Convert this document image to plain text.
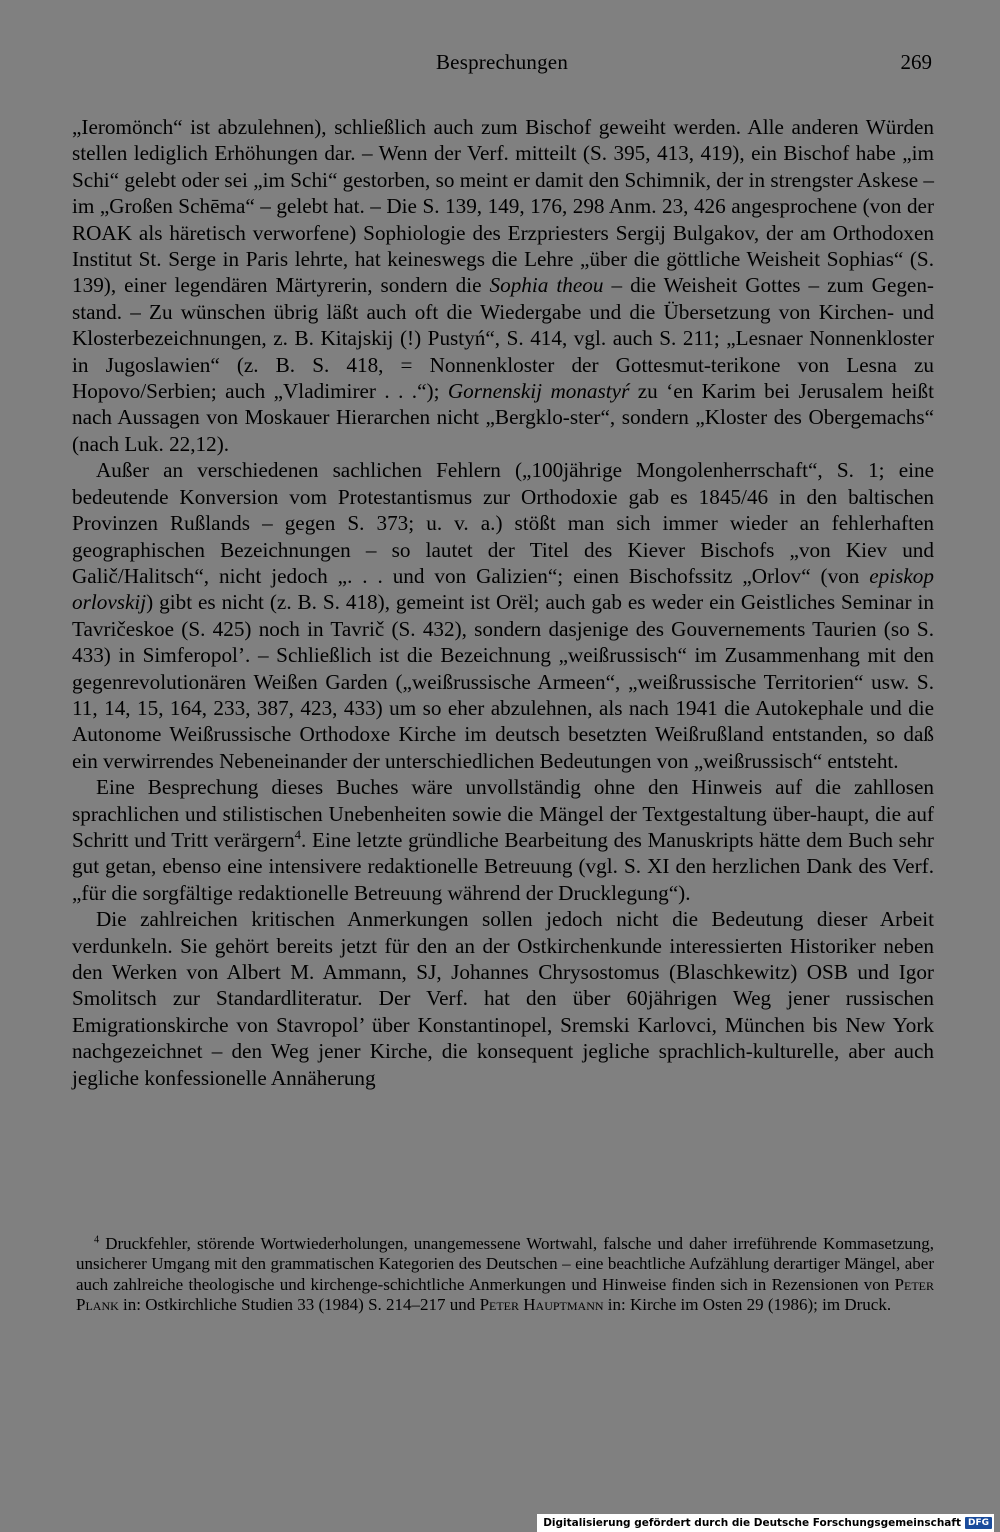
Besprechungen	269

„Ieromönch“ ist abzulehnen), schließlich auch zum Bischof geweiht werden. Alle anderen Würden stellen lediglich Erhöhungen dar. – Wenn der Verf. mitteilt (S. 395, 413, 419), ein Bischof habe „im Schi“ gelebt oder sei „im Schi“ gestorben, so meint er damit den Schimnik, der in strengster Askese – im „Großen Schēma“ – gelebt hat. – Die S. 139, 149, 176, 298 Anm. 23, 426 angesprochene (von der ROAK als häretisch verworfene) Sophiologie des Erzpriesters Sergij Bulgakov, der am Orthodoxen Institut St. Serge in Paris lehrte, hat keineswegs die Lehre „über die göttliche Weisheit Sophias“ (S. 139), einer legendären Märtyrerin, sondern die Sophia theou – die Weisheit Gottes – zum Gegen-stand. – Zu wünschen übrig läßt auch oft die Wiedergabe und die Übersetzung von Kirchen- und Klosterbezeichnungen, z. B. Kitajskij (!) Pustyń“, S. 414, vgl. auch S. 211; „Lesnaer Nonnenkloster in Jugoslawien“ (z. B. S. 418, = Nonnenkloster der Gottesmut-terikone von Lesna zu Hopovo/Serbien; auch „Vladimirer . . .“); Gornenskij monastyŕ zu ‘en Karim bei Jerusalem heißt nach Aussagen von Moskauer Hierarchen nicht „Bergklo-ster“, sondern „Kloster des Obergemachs“ (nach Luk. 22,12).

Außer an verschiedenen sachlichen Fehlern („100jährige Mongolenherrschaft“, S. 1; eine bedeutende Konversion vom Protestantismus zur Orthodoxie gab es 1845/46 in den baltischen Provinzen Rußlands – gegen S. 373; u. v. a.) stößt man sich immer wieder an fehlerhaften geographischen Bezeichnungen – so lautet der Titel des Kiever Bischofs „von Kiev und Galič/Halitsch“, nicht jedoch „. . . und von Galizien“; einen Bischofssitz „Orlov“ (von episkop orlovskij) gibt es nicht (z. B. S. 418), gemeint ist Orël; auch gab es weder ein Geistliches Seminar in Tavričeskoe (S. 425) noch in Tavrič (S. 432), sondern dasjenige des Gouvernements Taurien (so S. 433) in Simferopol’. – Schließlich ist die Bezeichnung „weißrussisch“ im Zusammenhang mit den gegenrevolutionären Weißen Garden („weißrussische Armeen“, „weißrussische Territorien“ usw. S. 11, 14, 15, 164, 233, 387, 423, 433) um so eher abzulehnen, als nach 1941 die Autokephale und die Autonome Weißrussische Orthodoxe Kirche im deutsch besetzten Weißrußland entstanden, so daß ein verwirrendes Nebeneinander der unterschiedlichen Bedeutungen von „weißrussisch“ entsteht.

Eine Besprechung dieses Buches wäre unvollständig ohne den Hinweis auf die zahllosen sprachlichen und stilistischen Unebenheiten sowie die Mängel der Textgestaltung über-haupt, die auf Schritt und Tritt verärgern$^4$. Eine letzte gründliche Bearbeitung des Manuskripts hätte dem Buch sehr gut getan, ebenso eine intensivere redaktionelle Betreuung (vgl. S. XI den herzlichen Dank des Verf. „für die sorgfältige redaktionelle Betreuung während der Drucklegung“).

Die zahlreichen kritischen Anmerkungen sollen jedoch nicht die Bedeutung dieser Arbeit verdunkeln. Sie gehört bereits jetzt für den an der Ostkirchenkunde interessierten Historiker neben den Werken von Albert M. Ammann, SJ, Johannes Chrysostomus (Blaschkewitz) OSB und Igor Smolitsch zur Standardliteratur. Der Verf. hat den über 60jährigen Weg jener russischen Emigrationskirche von Stavropol’ über Konstantinopel, Sremski Karlovci, München bis New York nachgezeichnet – den Weg jener Kirche, die konsequent jegliche sprachlich-kulturelle, aber auch jegliche konfessionelle Annäherung

$^4$ Druckfehler, störende Wortwiederholungen, unangemessene Wortwahl, falsche und daher irreführende Kommasetzung, unsicherer Umgang mit den grammatischen Kategorien des Deutschen – eine beachtliche Aufzählung derartiger Mängel, aber auch zahlreiche theologische und kirchenge-schichtliche Anmerkungen und Hinweise finden sich in Rezensionen von Peter Plank in: Ostkirchliche Studien 33 (1984) S. 214–217 und Peter Hauptmann in: Kirche im Osten 29 (1986); im Druck.

Digitalisierung gefördert durch die Deutsche Forschungsgemeinschaft DFG
